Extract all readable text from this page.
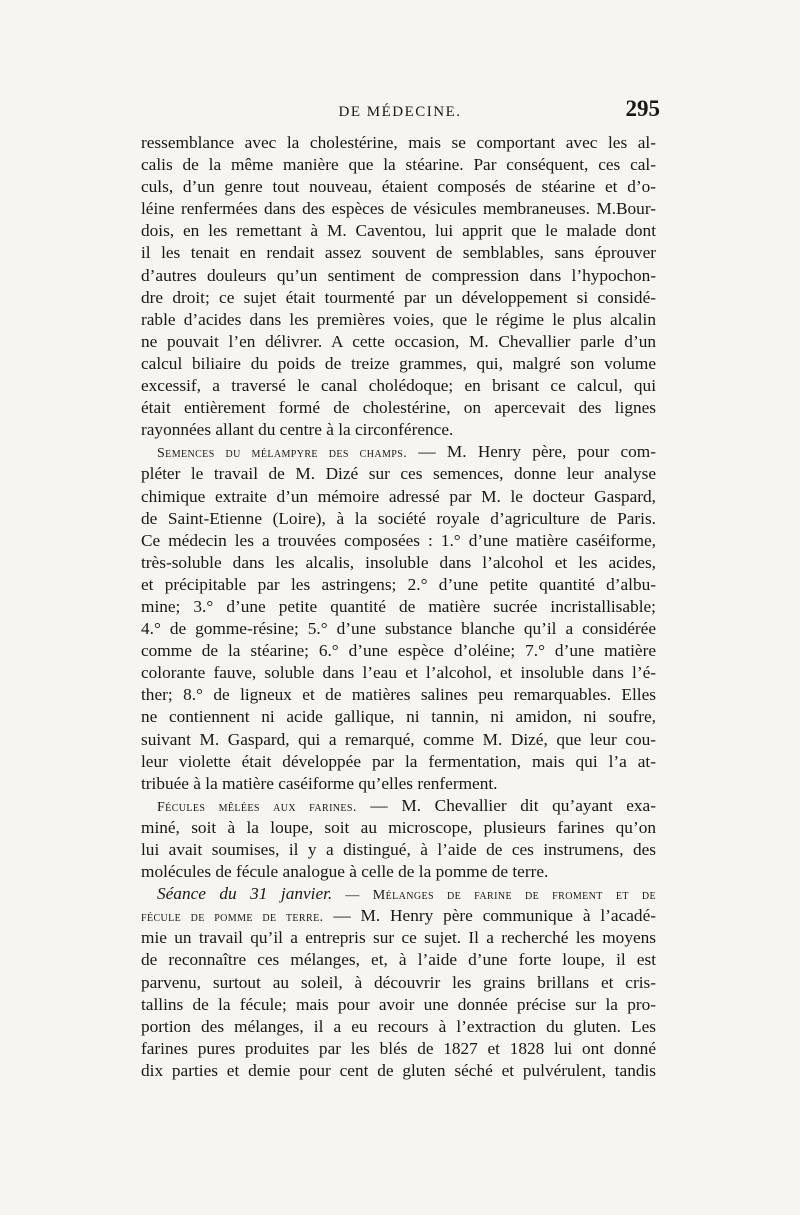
DE MÉDECINE.	295
ressemblance avec la cholestérine, mais se comportant avec les al-
calis de la même manière que la stéarine. Par conséquent, ces cal-
culs, d’un genre tout nouveau, étaient composés de stéarine et d’o-
léine renfermées dans des espèces de vésicules membraneuses. M.Bour-
dois, en les remettant à M. Caventou, lui apprit que le malade dont
il les tenait en rendait assez souvent de semblables, sans éprouver
d’autres douleurs qu’un sentiment de compression dans l’hypochon-
dre droit; ce sujet était tourmenté par un développement si considé-
rable d’acides dans les premières voies, que le régime le plus alcalin
ne pouvait l’en délivrer. A cette occasion, M. Chevallier parle d’un
calcul biliaire du poids de treize grammes, qui, malgré son volume
excessif, a traversé le canal cholédoque; en brisant ce calcul, qui
était entièrement formé de cholestérine, on apercevait des lignes
rayonnées allant du centre à la circonférence.
Semences du mélampyre des champs. — M. Henry père, pour com-
pléter le travail de M. Dizé sur ces semences, donne leur analyse
chimique extraite d’un mémoire adressé par M. le docteur Gaspard,
de Saint-Etienne (Loire), à la société royale d’agriculture de Paris.
Ce médecin les a trouvées composées : 1.° d’une matière caséiforme,
très-soluble dans les alcalis, insoluble dans l’alcohol et les acides,
et précipitable par les astringens; 2.° d’une petite quantité d’albu-
mine; 3.° d’une petite quantité de matière sucrée incristallisable;
4.° de gomme-résine; 5.° d’une substance blanche qu’il a considérée
comme de la stéarine; 6.° d’une espèce d’oléine; 7.° d’une matière
colorante fauve, soluble dans l’eau et l’alcohol, et insoluble dans l’é-
ther; 8.° de ligneux et de matières salines peu remarquables. Elles
ne contiennent ni acide gallique, ni tannin, ni amidon, ni soufre,
suivant M. Gaspard, qui a remarqué, comme M. Dizé, que leur cou-
leur violette était développée par la fermentation, mais qui l’a at-
tribuée à la matière caséiforme qu’elles renferment.
Fécules mêlées aux farines. — M. Chevallier dit qu’ayant exa-
miné, soit à la loupe, soit au microscope, plusieurs farines qu’on
lui avait soumises, il y a distingué, à l’aide de ces instrumens, des
molécules de fécule analogue à celle de la pomme de terre.
Séance du 31 janvier. — Mélanges de farine de froment et de
fécule de pomme de terre. — M. Henry père communique à l’acadé-
mie un travail qu’il a entrepris sur ce sujet. Il a recherché les moyens
de reconnaître ces mélanges, et, à l’aide d’une forte loupe, il est
parvenu, surtout au soleil, à découvrir les grains brillans et cris-
tallins de la fécule; mais pour avoir une donnée précise sur la pro-
portion des mélanges, il a eu recours à l’extraction du gluten. Les
farines pures produites par les blés de 1827 et 1828 lui ont donné
dix parties et demie pour cent de gluten séché et pulvérulent, tandis
